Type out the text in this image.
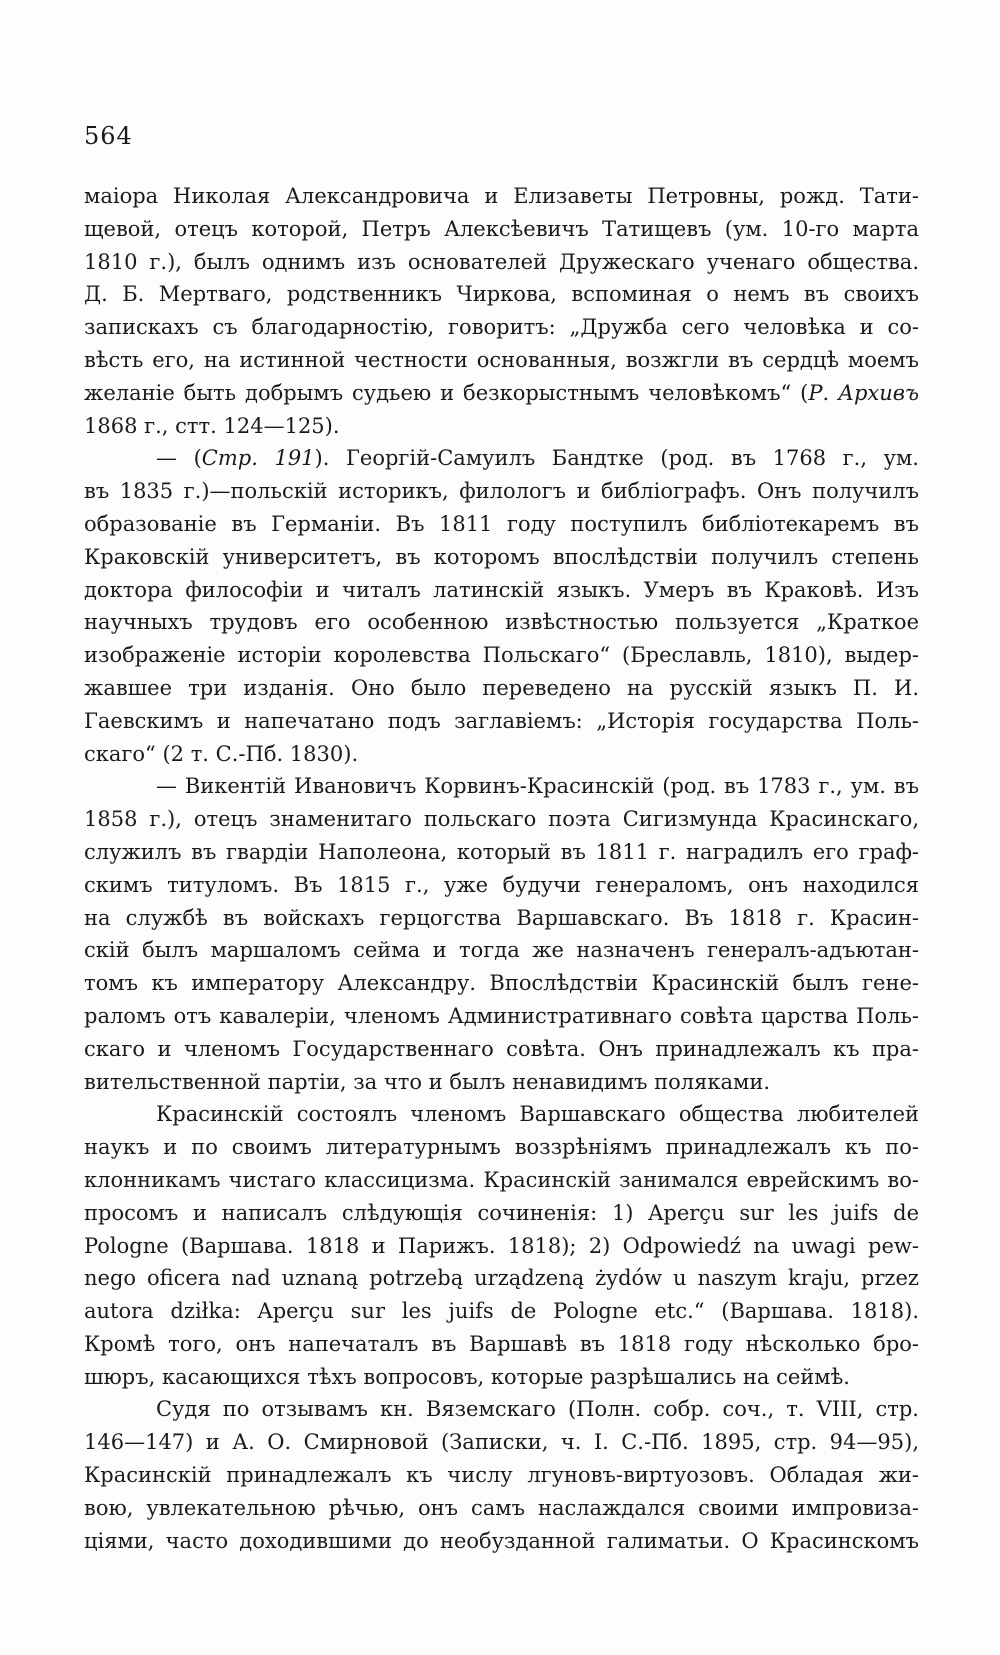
564
маіора Николая Александровича и Елизаветы Петровны, рожд. Тати-
щевой, отецъ которой, Петръ Алексѣевичъ Татищевъ (ум. 10-го марта
1810 г.), былъ однимъ изъ основателей Дружескаго ученаго общества.
Д. Б. Мертваго, родственникъ Чиркова, вспоминая о немъ въ своихъ
запискахъ съ благодарностію, говоритъ: „Дружба сего человѣка и со-
вѣсть его, на истинной честности основанныя, возжгли въ сердцѣ моемъ
желаніе быть добрымъ судьею и безкорыстнымъ человѣкомъ“ (Р. Архивъ
1868 г., стт. 124—125).
— (Стр. 191). Георгій-Самуилъ Бандтке (род. въ 1768 г., ум.
въ 1835 г.)—польскій историкъ, филологъ и библіографъ. Онъ получилъ
образованіе въ Германіи. Въ 1811 году поступилъ библіотекаремъ въ
Краковскій университетъ, въ которомъ впослѣдствіи получилъ степень
доктора философіи и читалъ латинскій языкъ. Умеръ въ Краковѣ. Изъ
научныхъ трудовъ его особенною извѣстностью пользуется „Краткое
изображеніе исторіи королевства Польскаго“ (Бреславль, 1810), выдер-
жавшее три изданія. Оно было переведено на русскій языкъ П. И.
Гаевскимъ и напечатано подъ заглавіемъ: „Исторія государства Поль-
скаго“ (2 т. С.-Пб. 1830).
— Викентій Ивановичъ Корвинъ-Красинскій (род. въ 1783 г., ум. въ
1858 г.), отецъ знаменитаго польскаго поэта Сигизмунда Красинскаго,
служилъ въ гвардіи Наполеона, который въ 1811 г. наградилъ его граф-
скимъ титуломъ. Въ 1815 г., уже будучи генераломъ, онъ находился
на службѣ въ войскахъ герцогства Варшавскаго. Въ 1818 г. Красин-
скій былъ маршаломъ сейма и тогда же назначенъ генералъ-адъютан-
томъ къ императору Александру. Впослѣдствіи Красинскій былъ гене-
раломъ отъ кавалеріи, членомъ Административнаго совѣта царства Поль-
скаго и членомъ Государственнаго совѣта. Онъ принадлежалъ къ пра-
вительственной партіи, за что и былъ ненавидимъ поляками.
Красинскій состоялъ членомъ Варшавскаго общества любителей
наукъ и по своимъ литературнымъ воззрѣніямъ принадлежалъ къ по-
клонникамъ чистаго классицизма. Красинскій занимался еврейскимъ во-
просомъ и написалъ слѣдующія сочиненія: 1) Aperçu sur les juifs de
Pologne (Варшава. 1818 и Парижъ. 1818); 2) Odpowiedź na uwagi pew-
nego oficera nad uznaną potrzebą urządzeną żydów u naszym kraju, przez
autora dziłka: Aperçu sur les juifs de Pologne etc.“ (Варшава. 1818).
Кромѣ того, онъ напечаталъ въ Варшавѣ въ 1818 году нѣсколько бро-
шюръ, касающихся тѣхъ вопросовъ, которые разрѣшались на сеймѣ.
Судя по отзывамъ кн. Вяземскаго (Полн. собр. соч., т. VIII, стр.
146—147) и А. О. Смирновой (Записки, ч. I. С.-Пб. 1895, стр. 94—95),
Красинскій принадлежалъ къ числу лгуновъ-виртуозовъ. Обладая жи-
вою, увлекательною рѣчью, онъ самъ наслаждался своими импровиза-
ціями, часто доходившими до необузданной галиматьи. О Красинскомъ
